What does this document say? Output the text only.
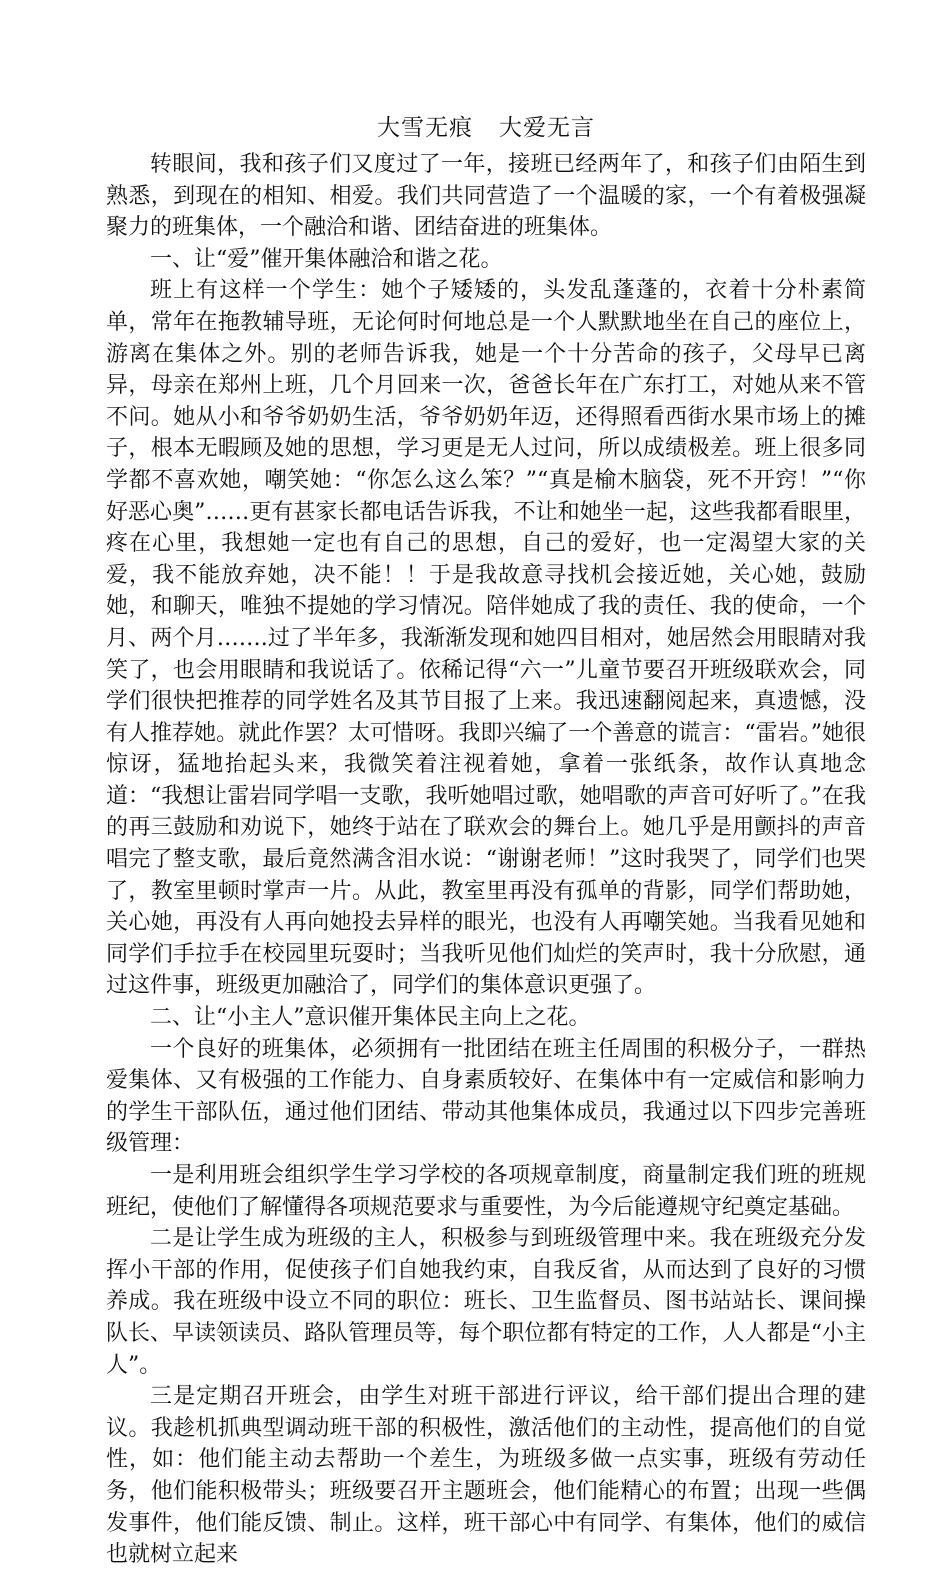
大雪无痕 大爱无言

转眼间，我和孩子们又度过了一年，接班已经两年了，和孩子们由陌生到熟悉，到现在的相知、相爱。我们共同营造了一个温暖的家，一个有着极强凝聚力的班集体，一个融洽和谐、团结奋进的班集体。

一、让“爱”催开集体融洽和谐之花。

班上有这样一个学生：她个子矮矮的，头发乱蓬蓬的，衣着十分朴素简单，常年在拖教辅导班，无论何时何地总是一个人默默地坐在自己的座位上，游离在集体之外。别的老师告诉我，她是一个十分苦命的孩子，父母早已离异，母亲在郑州上班，几个月回来一次，爸爸长年在广东打工，对她从来不管不问。她从小和爷爷奶奶生活，爷爷奶奶年迈，还得照看西街水果市场上的摊子，根本无暇顾及她的思想，学习更是无人过问，所以成绩极差。班上很多同学都不喜欢她，嘲笑她：“你怎么这么笨？”“真是榆木脑袋，死不开窍！”“你好恶心奥”……更有甚家长都电话告诉我，不让和她坐一起，这些我都看眼里，疼在心里，我想她一定也有自己的思想，自己的爱好，也一定渴望大家的关爱，我不能放弃她，决不能！！于是我故意寻找机会接近她，关心她，鼓励她，和聊天，唯独不提她的学习情况。陪伴她成了我的责任、我的使命，一个月、两个月…….过了半年多，我渐渐发现和她四目相对，她居然会用眼睛对我笑了，也会用眼睛和我说话了。依稀记得“六一”儿童节要召开班级联欢会，同学们很快把推荐的同学姓名及其节目报了上来。我迅速翻阅起来，真遗憾，没有人推荐她。就此作罢？太可惜呀。我即兴编了一个善意的谎言：“雷岩。”她很惊讶，猛地抬起头来，我微笑着注视着她，拿着一张纸条，故作认真地念道：“我想让雷岩同学唱一支歌，我听她唱过歌，她唱歌的声音可好听了。”在我的再三鼓励和劝说下，她终于站在了联欢会的舞台上。她几乎是用颤抖的声音唱完了整支歌，最后竟然满含泪水说：“谢谢老师！”这时我哭了，同学们也哭了，教室里顿时掌声一片。从此，教室里再没有孤单的背影，同学们帮助她，关心她，再没有人再向她投去异样的眼光，也没有人再嘲笑她。当我看见她和同学们手拉手在校园里玩耍时；当我听见他们灿烂的笑声时，我十分欣慰，通过这件事，班级更加融洽了，同学们的集体意识更强了。

二、让“小主人”意识催开集体民主向上之花。

一个良好的班集体，必须拥有一批团结在班主任周围的积极分子，一群热爱集体、又有极强的工作能力、自身素质较好、在集体中有一定威信和影响力的学生干部队伍，通过他们团结、带动其他集体成员，我通过以下四步完善班级管理：

一是利用班会组织学生学习学校的各项规章制度，商量制定我们班的班规班纪，使他们了解懂得各项规范要求与重要性，为今后能遵规守纪奠定基础。

二是让学生成为班级的主人，积极参与到班级管理中来。我在班级充分发挥小干部的作用，促使孩子们自她我约束，自我反省，从而达到了良好的习惯养成。我在班级中设立不同的职位：班长、卫生监督员、图书站站长、课间操队长、早读领读员、路队管理员等，每个职位都有特定的工作，人人都是“小主人”。

三是定期召开班会，由学生对班干部进行评议，给干部们提出合理的建议。我趁机抓典型调动班干部的积极性，激活他们的主动性，提高他们的自觉性，如：他们能主动去帮助一个差生，为班级多做一点实事，班级有劳动任务，他们能积极带头；班级要召开主题班会，他们能精心的布置；出现一些偶发事件，他们能反馈、制止。这样，班干部心中有同学、有集体，他们的威信也就树立起来
